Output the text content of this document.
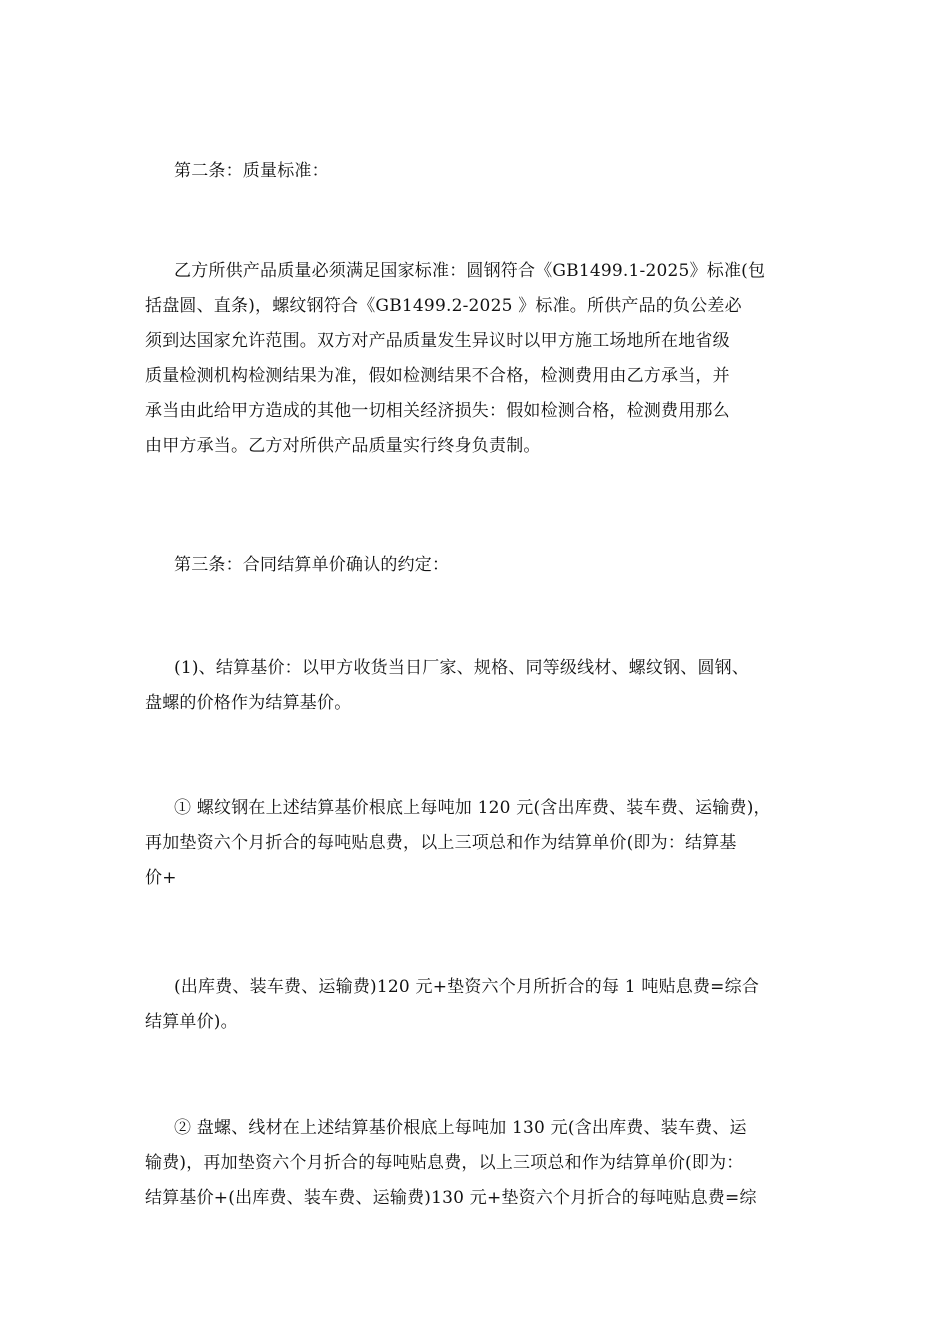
第二条：质量标准：
乙方所供产品质量必须满足国家标准：圆钢符合《GB1499.1-2025》标准(包
括盘圆、直条)，螺纹钢符合《GB1499.2-2025 》标准。所供产品的负公差必
须到达国家允许范围。双方对产品质量发生异议时以甲方施工场地所在地省级
质量检测机构检测结果为准，假如检测结果不合格，检测费用由乙方承当，并
承当由此给甲方造成的其他一切相关经济损失：假如检测合格，检测费用那么
由甲方承当。乙方对所供产品质量实行终身负责制。
第三条：合同结算单价确认的约定：
(1)、结算基价：以甲方收货当日厂家、规格、同等级线材、螺纹钢、圆钢、
盘螺的价格作为结算基价。
① 螺纹钢在上述结算基价根底上每吨加 120 元(含出库费、装车费、运输费)，
再加垫资六个月折合的每吨贴息费，以上三项总和作为结算单价(即为：结算基
价+
(出库费、装车费、运输费)120 元+垫资六个月所折合的每 1 吨贴息费=综合
结算单价)。
② 盘螺、线材在上述结算基价根底上每吨加 130 元(含出库费、装车费、运
输费)，再加垫资六个月折合的每吨贴息费，以上三项总和作为结算单价(即为：
结算基价+(出库费、装车费、运输费)130 元+垫资六个月折合的每吨贴息费=综
